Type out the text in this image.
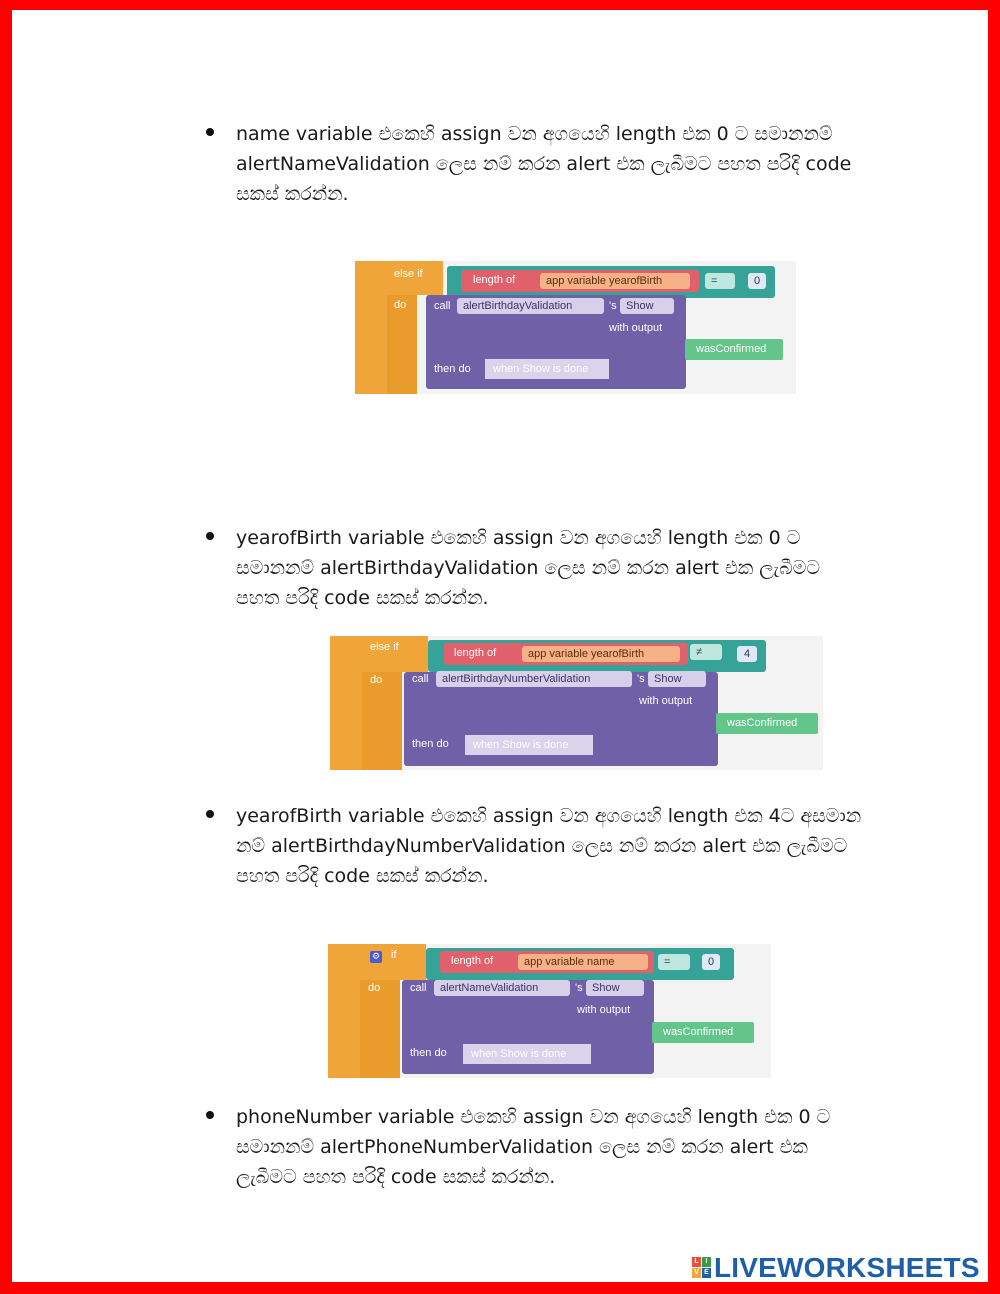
name variable එකෙහි assign වන අගයෙහි length එක 0 ට සමානනම්
alertNameValidation ලෙස නම් කරන alert එක ලැබීමට පහත පරිදි code
සකස් කරන්න.

else if
do
length of	app variable yearofBirth	=	0
call	alertBirthdayValidation	's Show
with output
wasConfirmed
then do	when Show is done

yearofBirth variable එකෙහි assign වන අගයෙහි length එක 0 ට
සමානනම් alertBirthdayValidation ලෙස නම් කරන alert එක ලැබීමට
පහත පරිදි code සකස් කරන්න.

else if
do
length of	app variable yearofBirth	≠	4
call	alertBirthdayNumberValidation	's Show
with output
wasConfirmed
then do	when Show is done

yearofBirth variable එකෙහි assign වන අගයෙහි length එක 4ට අසමාන
නම් alertBirthdayNumberValidation ලෙස නම් කරන alert එක ලැබීමට
පහත පරිදි code සකස් කරන්න.

⚙ if
do
length of	app variable name	=	0
call	alertNameValidation	's Show
with output
wasConfirmed
then do	when Show is done

phoneNumber variable එකෙහි assign වන අගයෙහි length එක 0 ට
සමානනම් alertPhoneNumberValidation ලෙස නම් කරන alert එක
ලැබීමට පහත පරිදි code සකස් කරන්න.

L I
V E LIVEWORKSHEETS
